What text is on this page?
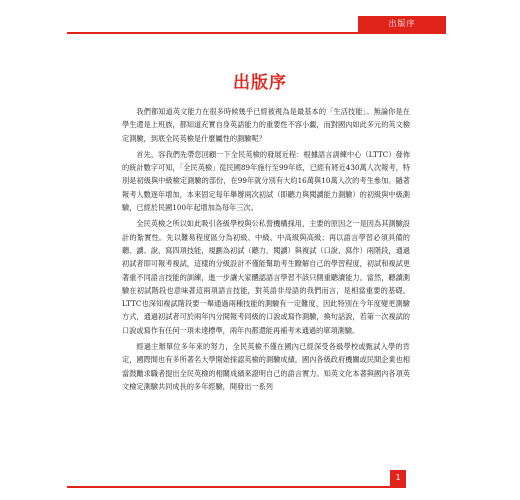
出版序
出版序

我們都知道英文能力在很多時候幾乎已經被視為是最基本的「生活技能」。無論你是在學生還是上班族，都知道充實自身英語能力的重要性不容小覷，而對國內如此多元的英文檢定測驗，到底全民英檢是什麼屬性的測驗呢？

首先，容我們先帶您回顧一下全民英檢的發展近程：根據語言訓練中心（LTTC）發佈的統計數字可知，「全民英檢」從民國89年施行至99年底，已經有將近430萬人次報考，特別是初級與中級檢定測驗的部份，在99年就分別有大約16萬與10萬人次的考生參加。隨著報考人數逐年增加，本來固定每年舉辦兩次初試（即聽力與閱讀能力測驗）的初級與中級測驗，已經於民國100年起增加為每年三次。

全民英檢之所以如此吸引各級學校與公私營機構採用，主要的原因之一是因為其測驗設計的紮實性。先以難易程度區分為初級、中級、中高級與高級；再以語言學習必須具備的聽、讀、說、寫四項技能，規劃為初試（聽力、閱讀）與複試（口說、寫作）兩階段，通過初試者即可報考複試，這樣的分級設計不僅能幫助考生瞭解自己的學習程度，初試和複試更著重不同語言技能的訓練，進一步讓大家體認語言學習不該只側重聽讀能力。當然，聽讀測驗在初試階段也意味著這兩項語言技能，對英語非母語的我們而言，是相當重要的基礎。LTTC也深知複試階段要一舉通過兩種技能的測驗有一定難度，因此特別在今年度變更測驗方式，通過初試者可於兩年內分開報考同級的口說或寫作測驗，換句話說，若第一次複試的口說或寫作有任何一項未達標準，兩年內都還能再補考未通過的單項測驗。

經過主辦單位多年來的努力，全民英檢不僅在國內已經深受各級學校或甄試入學的肯定，國際間也有多所著名大學開始採認英檢的測驗成績。國內各級政府機關或民間企業也相當鼓勵求職者提出全民英檢的相關成績來證明自己的語言實力。知英文化本著與國內各項英文檢定測驗共同成長的多年經驗，開發出一系列

1
